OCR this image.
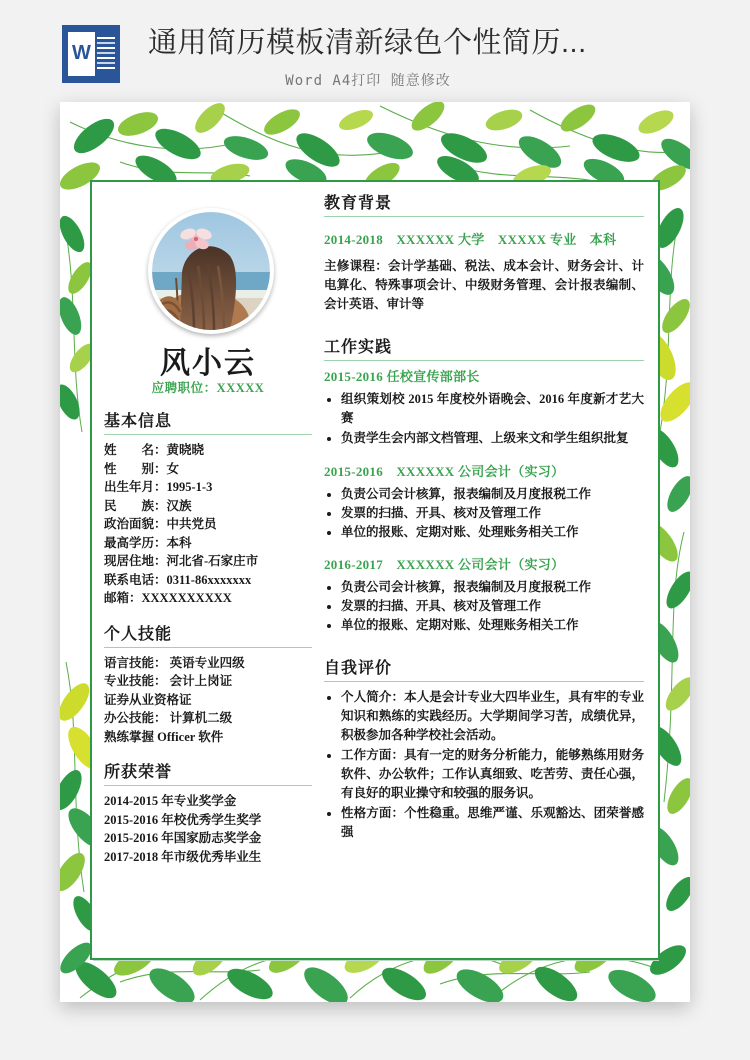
W 通用简历模板清新绿色个性简历...
Word A4打印 随意修改
风小云
应聘职位：XXXXX
基本信息
姓　　名：黄晓晓
性　　别：女
出生年月：1995-1-3
民　　族：汉族
政治面貌：中共党员
最高学历：本科
现居住地：河北省-石家庄市
联系电话：0311-86xxxxxxx
邮箱：XXXXXXXXXX
个人技能
语言技能： 英语专业四级
专业技能： 会计上岗证
证券从业资格证
办公技能： 计算机二级
熟练掌握 Officer 软件
所获荣誉
2014-2015 年专业奖学金
2015-2016 年校优秀学生奖学
2015-2016 年国家励志奖学金
2017-2018 年市级优秀毕业生
教育背景
2014-2018　XXXXXX 大学　XXXXX 专业　本科
主修课程：会计学基础、税法、成本会计、财务会计、计电算化、特殊事项会计、中级财务管理、会计报表编制、会计英语、审计等
工作实践
2015-2016 任校宣传部部长
• 组织策划校 2015 年度校外语晚会、2016 年度新才艺大赛
• 负责学生会内部文档管理、上级来文和学生组织批复
2015-2016　XXXXXX 公司会计（实习）
• 负责公司会计核算，报表编制及月度报税工作
• 发票的扫描、开具、核对及管理工作
• 单位的报账、定期对账、处理账务相关工作
2016-2017　XXXXXX 公司会计（实习）
• 负责公司会计核算，报表编制及月度报税工作
• 发票的扫描、开具、核对及管理工作
• 单位的报账、定期对账、处理账务相关工作
自我评价
• 个人简介：本人是会计专业大四毕业生，具有牢的专业知识和熟练的实践经历。大学期间学习苦，成绩优异，积极参加各种学校社会活动。
• 工作方面：具有一定的财务分析能力，能够熟练用财务软件、办公软件；工作认真细致、吃苦劳、责任心强，有良好的职业操守和较强的服务识。
• 性格方面：个性稳重。思维严谨、乐观豁达、团荣誉感强
